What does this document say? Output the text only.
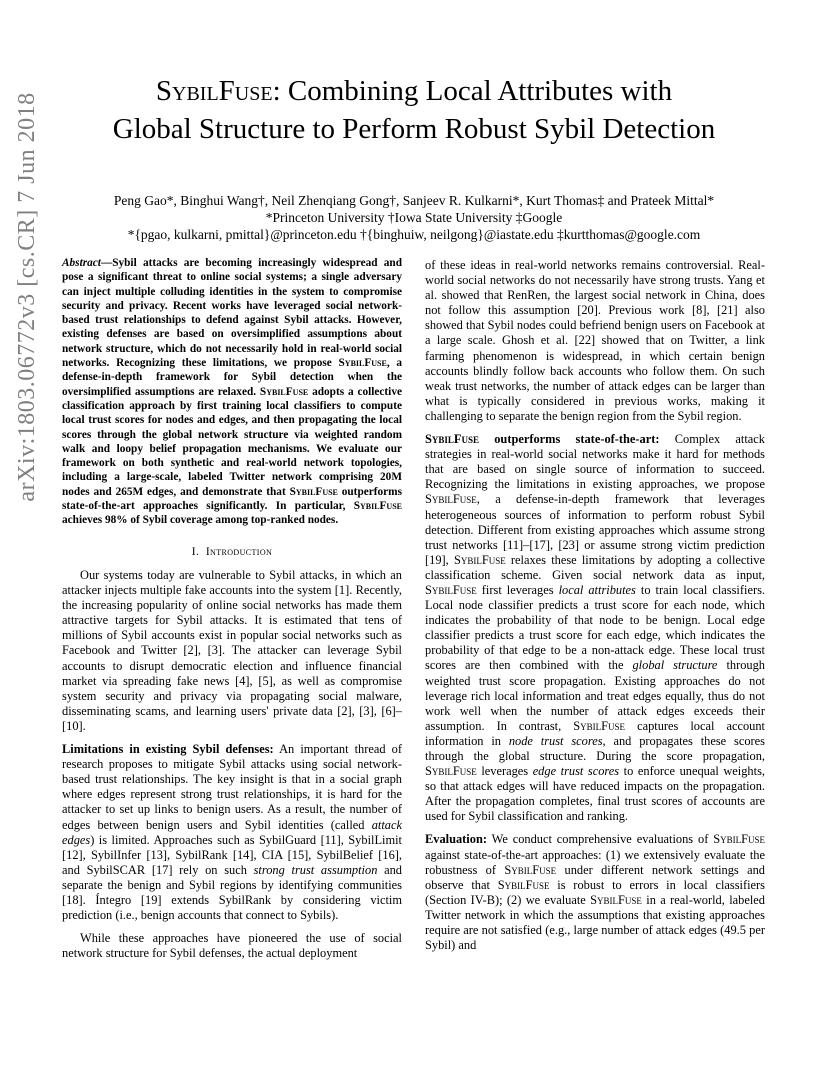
arXiv:1803.06772v3 [cs.CR] 7 Jun 2018
SybilFuse: Combining Local Attributes with
Global Structure to Perform Robust Sybil Detection
Peng Gao*, Binghui Wang†, Neil Zhenqiang Gong†, Sanjeev R. Kulkarni*, Kurt Thomas‡ and Prateek Mittal*
*Princeton University †Iowa State University ‡Google
*{pgao, kulkarni, pmittal}@princeton.edu †{binghuiw, neilgong}@iastate.edu ‡kurtthomas@google.com
Abstract—Sybil attacks are becoming increasingly widespread and pose a significant threat to online social systems; a single adversary can inject multiple colluding identities in the system to compromise security and privacy. Recent works have leveraged social network-based trust relationships to defend against Sybil attacks. However, existing defenses are based on oversimplified assumptions about network structure, which do not necessarily hold in real-world social networks. Recognizing these limitations, we propose SybilFuse, a defense-in-depth framework for Sybil detection when the oversimplified assumptions are relaxed. SybilFuse adopts a collective classification approach by first training local classifiers to compute local trust scores for nodes and edges, and then propagating the local scores through the global network structure via weighted random walk and loopy belief propagation mechanisms. We evaluate our framework on both synthetic and real-world network topologies, including a large-scale, labeled Twitter network comprising 20M nodes and 265M edges, and demonstrate that SybilFuse outperforms state-of-the-art approaches significantly. In particular, SybilFuse achieves 98% of Sybil coverage among top-ranked nodes.
I. Introduction

Our systems today are vulnerable to Sybil attacks, in which an attacker injects multiple fake accounts into the system [1]. Recently, the increasing popularity of online social networks has made them attractive targets for Sybil attacks. It is estimated that tens of millions of Sybil accounts exist in popular social networks such as Facebook and Twitter [2], [3]. The attacker can leverage Sybil accounts to disrupt democratic election and influence financial market via spreading fake news [4], [5], as well as compromise system security and privacy via propagating social malware, disseminating scams, and learning users' private data [2], [3], [6]–[10].

Limitations in existing Sybil defenses: An important thread of research proposes to mitigate Sybil attacks using social network-based trust relationships. The key insight is that in a social graph where edges represent strong trust relationships, it is hard for the attacker to set up links to benign users. As a result, the number of edges between benign users and Sybil identities (called attack edges) is limited. Approaches such as SybilGuard [11], SybilLimit [12], SybilInfer [13], SybilRank [14], CIA [15], SybilBelief [16], and SybilSCAR [17] rely on such strong trust assumption and separate the benign and Sybil regions by identifying communities [18]. Íntegro [19] extends SybilRank by considering victim prediction (i.e., benign accounts that connect to Sybils).

While these approaches have pioneered the use of social network structure for Sybil defenses, the actual deployment

of these ideas in real-world networks remains controversial. Real-world social networks do not necessarily have strong trusts. Yang et al. showed that RenRen, the largest social network in China, does not follow this assumption [20]. Previous work [8], [21] also showed that Sybil nodes could befriend benign users on Facebook at a large scale. Ghosh et al. [22] showed that on Twitter, a link farming phenomenon is widespread, in which certain benign accounts blindly follow back accounts who follow them. On such weak trust networks, the number of attack edges can be larger than what is typically considered in previous works, making it challenging to separate the benign region from the Sybil region.

SybilFuse outperforms state-of-the-art: Complex attack strategies in real-world social networks make it hard for methods that are based on single source of information to succeed. Recognizing the limitations in existing approaches, we propose SybilFuse, a defense-in-depth framework that leverages heterogeneous sources of information to perform robust Sybil detection. Different from existing approaches which assume strong trust networks [11]–[17], [23] or assume strong victim prediction [19], SybilFuse relaxes these limitations by adopting a collective classification scheme. Given social network data as input, SybilFuse first leverages local attributes to train local classifiers. Local node classifier predicts a trust score for each node, which indicates the probability of that node to be benign. Local edge classifier predicts a trust score for each edge, which indicates the probability of that edge to be a non-attack edge. These local trust scores are then combined with the global structure through weighted trust score propagation. Existing approaches do not leverage rich local information and treat edges equally, thus do not work well when the number of attack edges exceeds their assumption. In contrast, SybilFuse captures local account information in node trust scores, and propagates these scores through the global structure. During the score propagation, SybilFuse leverages edge trust scores to enforce unequal weights, so that attack edges will have reduced impacts on the propagation. After the propagation completes, final trust scores of accounts are used for Sybil classification and ranking.

Evaluation: We conduct comprehensive evaluations of SybilFuse against state-of-the-art approaches: (1) we extensively evaluate the robustness of SybilFuse under different network settings and observe that SybilFuse is robust to errors in local classifiers (Section IV-B); (2) we evaluate SybilFuse in a real-world, labeled Twitter network in which the assumptions that existing approaches require are not satisfied (e.g., large number of attack edges (49.5 per Sybil) and
